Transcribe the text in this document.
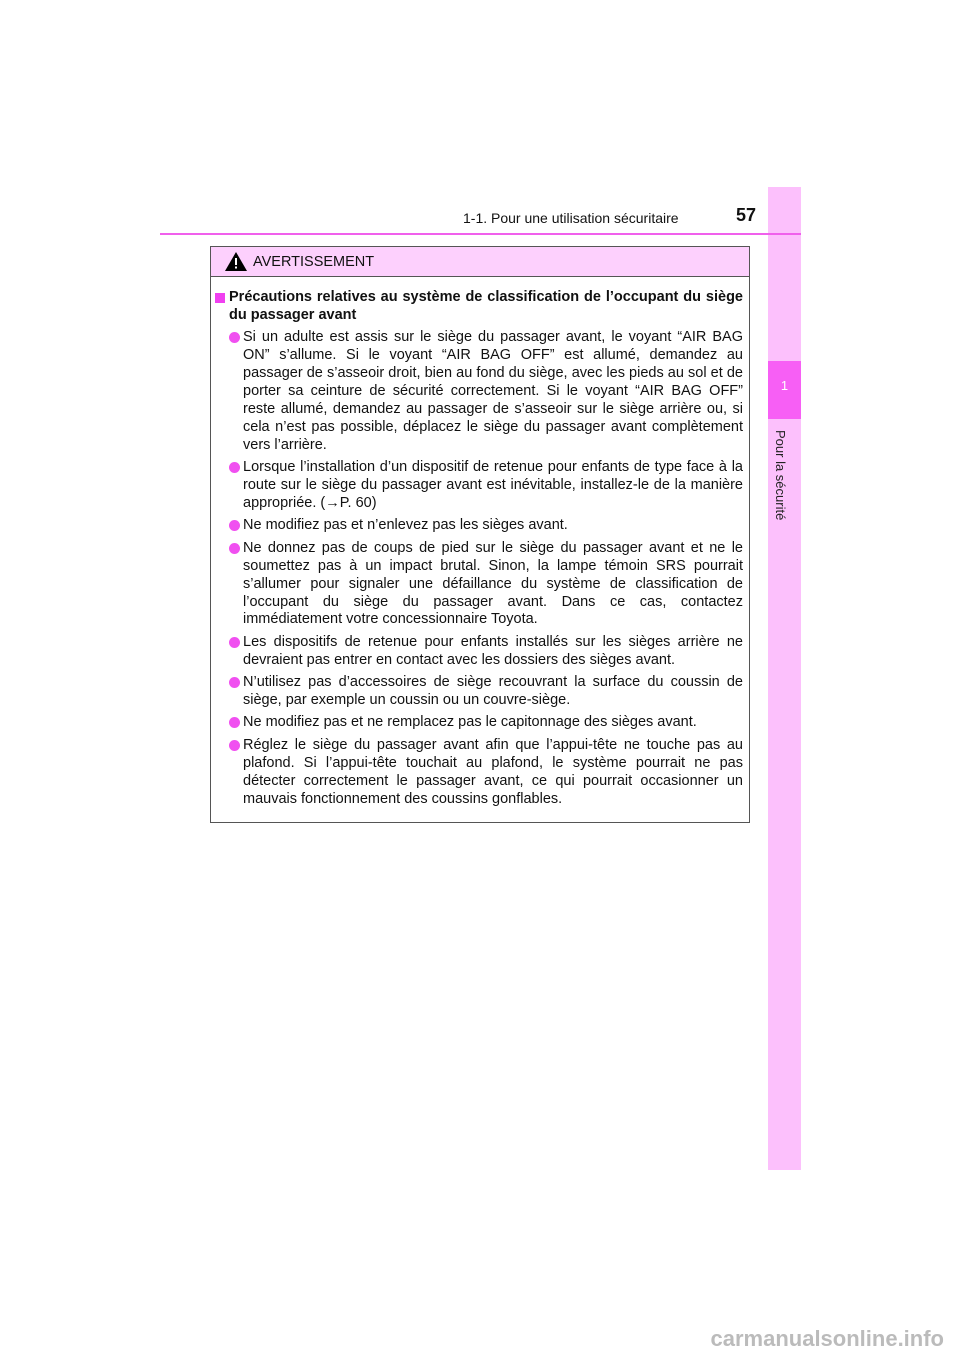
1
Pour la sécurité
1-1. Pour une utilisation sécuritaire	57
AVERTISSEMENT
Précautions relatives au système de classification de l’occupant du siège du passager avant
Si un adulte est assis sur le siège du passager avant, le voyant “AIR BAG ON” s’allume. Si le voyant “AIR BAG OFF” est allumé, demandez au passager de s’asseoir droit, bien au fond du siège, avec les pieds au sol et de porter sa ceinture de sécurité correctement. Si le voyant “AIR BAG OFF” reste allumé, demandez au passager de s’asseoir sur le siège arrière ou, si cela n’est pas possible, déplacez le siège du passager avant complètement vers l’arrière.
Lorsque l’installation d’un dispositif de retenue pour enfants de type face à la route sur le siège du passager avant est inévitable, installez-le de la manière appropriée. (→P. 60)
Ne modifiez pas et n’enlevez pas les sièges avant.
Ne donnez pas de coups de pied sur le siège du passager avant et ne le soumettez pas à un impact brutal. Sinon, la lampe témoin SRS pourrait s’allumer pour signaler une défaillance du système de classification de l’occupant du siège du passager avant. Dans ce cas, contactez immédiatement votre concessionnaire Toyota.
Les dispositifs de retenue pour enfants installés sur les sièges arrière ne devraient pas entrer en contact avec les dossiers des sièges avant.
N’utilisez pas d’accessoires de siège recouvrant la surface du coussin de siège, par exemple un coussin ou un couvre-siège.
Ne modifiez pas et ne remplacez pas le capitonnage des sièges avant.
Réglez le siège du passager avant afin que l’appui-tête ne touche pas au plafond. Si l’appui-tête touchait au plafond, le système pourrait ne pas détecter correctement le passager avant, ce qui pourrait occasionner un mauvais fonctionnement des coussins gonflables.
carmanualsonline.info
